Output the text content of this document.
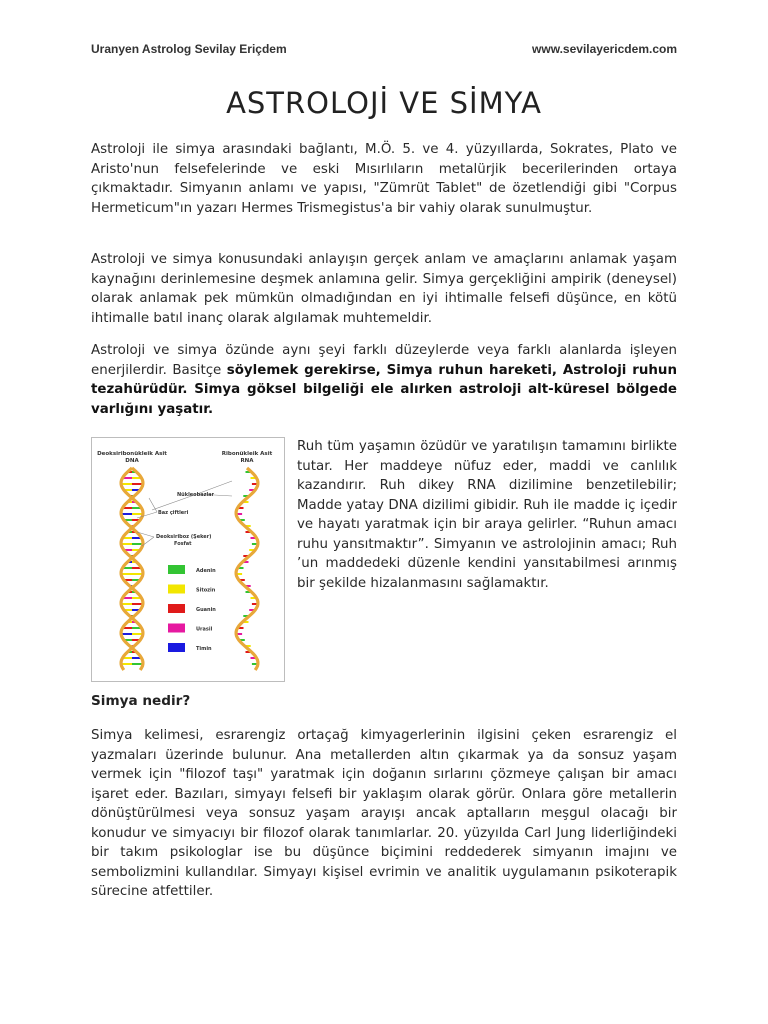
Uranyen Astrolog Sevilay Eriçdem	www.sevilayericdem.com
ASTROLOJİ VE SİMYA
Astroloji ile simya arasındaki bağlantı, M.Ö. 5. ve 4. yüzyıllarda, Sokrates, Plato ve Aristo'nun felsefelerinde ve eski Mısırlıların metalürjik becerilerinden ortaya çıkmaktadır. Simyanın anlamı ve yapısı, "Zümrüt Tablet" de özetlendiği gibi "Corpus Hermeticum"ın yazarı Hermes Trismegistus'a bir vahiy olarak sunulmuştur.
Astroloji ve simya konusundaki anlayışın gerçek anlam ve amaçlarını anlamak yaşam kaynağını derinlemesine deşmek anlamına gelir. Simya gerçekliğini ampirik (deneysel) olarak anlamak pek mümkün olmadığından en iyi ihtimalle felsefi düşünce, en kötü ihtimalle batıl inanç olarak algılamak muhtemeldir.
Astroloji ve simya özünde aynı şeyi farklı düzeylerde veya farklı alanlarda işleyen enerjilerdir. Basitçe söylemek gerekirse, Simya ruhun hareketi, Astroloji ruhun tezahürüdür. Simya göksel bilgeliği ele alırken astroloji alt-küresel bölgede varlığını yaşatır.
Deoksiribonükleik Asit
DNA
Ribonükleik Asit
RNA
Nükleobazlar
Baz çiftleri
Deoksiriboz (Şeker)
Fosfat
Adenin
Sitozin
Guanin
Urasil
Timin
Ruh tüm yaşamın özüdür ve yaratılışın tamamını birlikte tutar. Her maddeye nüfuz eder, maddi ve canlılık kazandırır. Ruh dikey RNA dizilimine benzetilebilir; Madde yatay DNA dizilimi gibidir. Ruh ile madde iç içedir ve hayatı yaratmak için bir araya gelirler. “Ruhun amacı ruhu yansıtmaktır”. Simyanın ve astrolojinin amacı; Ruh ’un maddedeki düzenle kendini yansıtabilmesi arınmış bir şekilde hizalanmasını sağlamaktır.
Simya nedir?
Simya kelimesi, esrarengiz ortaçağ kimyagerlerinin ilgisini çeken esrarengiz el yazmaları üzerinde bulunur. Ana metallerden altın çıkarmak ya da sonsuz yaşam vermek için "filozof taşı" yaratmak için doğanın sırlarını çözmeye çalışan bir amacı işaret eder. Bazıları, simyayı felsefi bir yaklaşım olarak görür. Onlara göre metallerin dönüştürülmesi veya sonsuz yaşam arayışı ancak aptalların meşgul olacağı bir konudur ve simyacıyı bir filozof olarak tanımlarlar. 20. yüzyılda Carl Jung liderliğindeki bir takım psikologlar ise bu düşünce biçimini reddederek simyanın imajını ve sembolizmini kullandılar. Simyayı kişisel evrimin ve analitik uygulamanın psikoterapik sürecine atfettiler.
